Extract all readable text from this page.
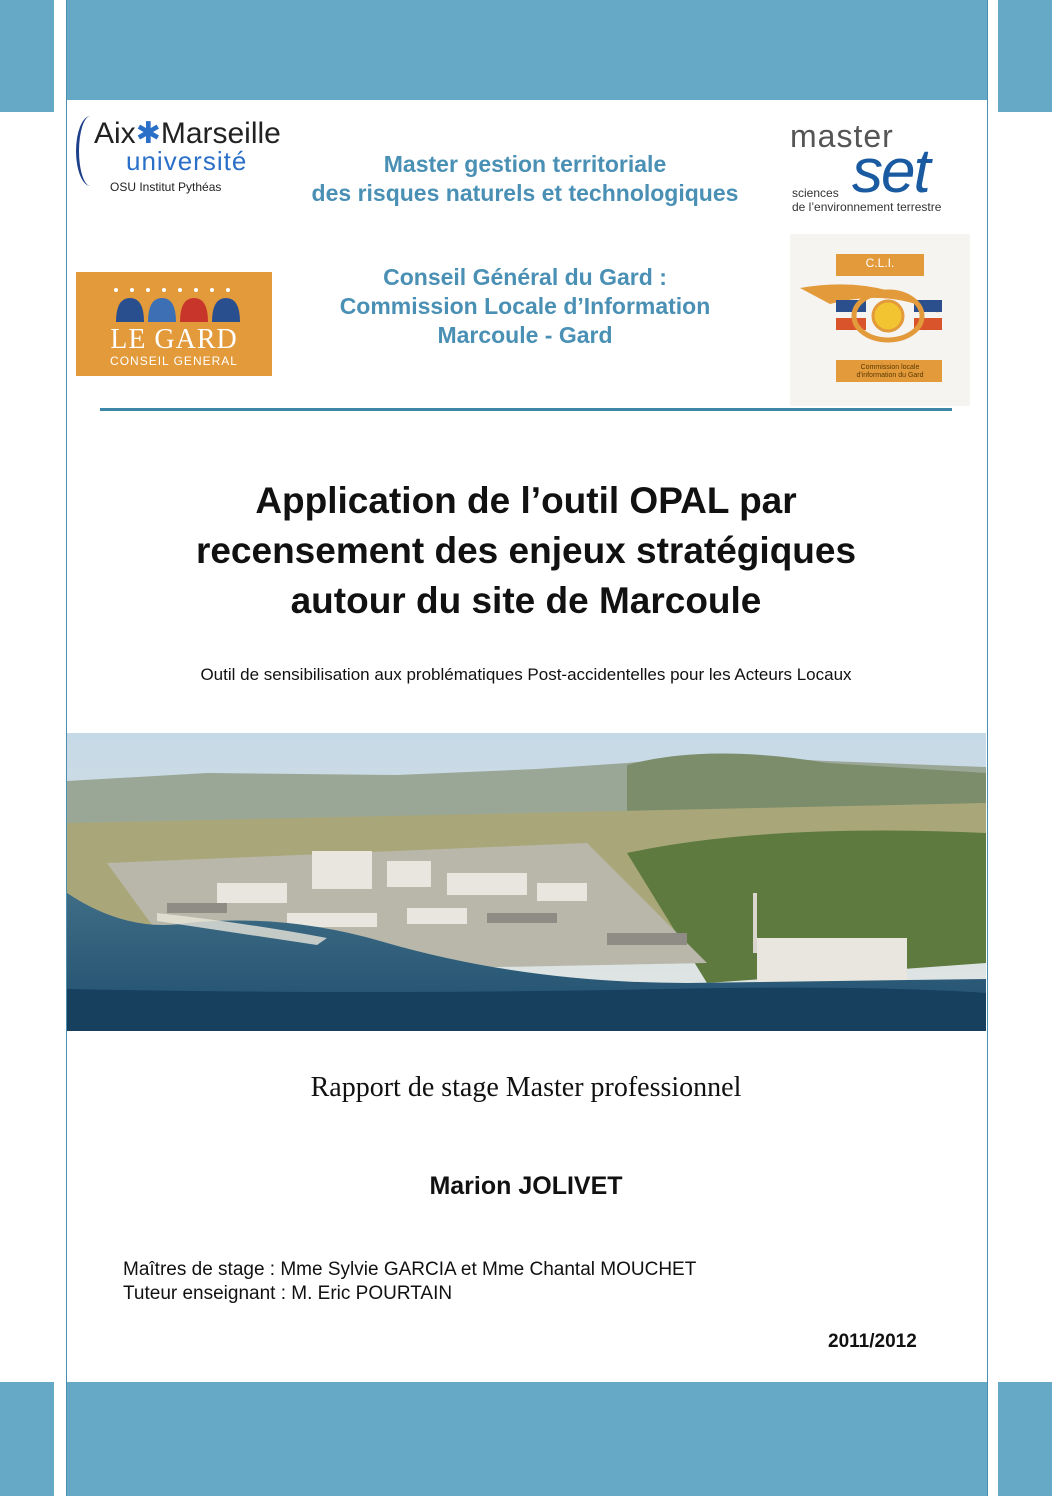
Aix✱Marseille
université
OSU Institut Pythéas
master
set
sciences
de l’environnement terrestre
Master gestion territoriale
des risques naturels et technologiques
LE GARD
CONSEIL GENERAL
Conseil Général du Gard :
Commission Locale d’Information
Marcoule - Gard
C.L.I.
Commission locale
d'information du Gard
Application de l’outil OPAL par
recensement des enjeux stratégiques
autour du site de Marcoule
Outil de sensibilisation aux problématiques Post-accidentelles pour les Acteurs Locaux
Rapport de stage Master professionnel
Marion JOLIVET
Maîtres de stage : Mme Sylvie GARCIA et Mme Chantal MOUCHET
Tuteur enseignant : M. Eric POURTAIN
2011/2012
